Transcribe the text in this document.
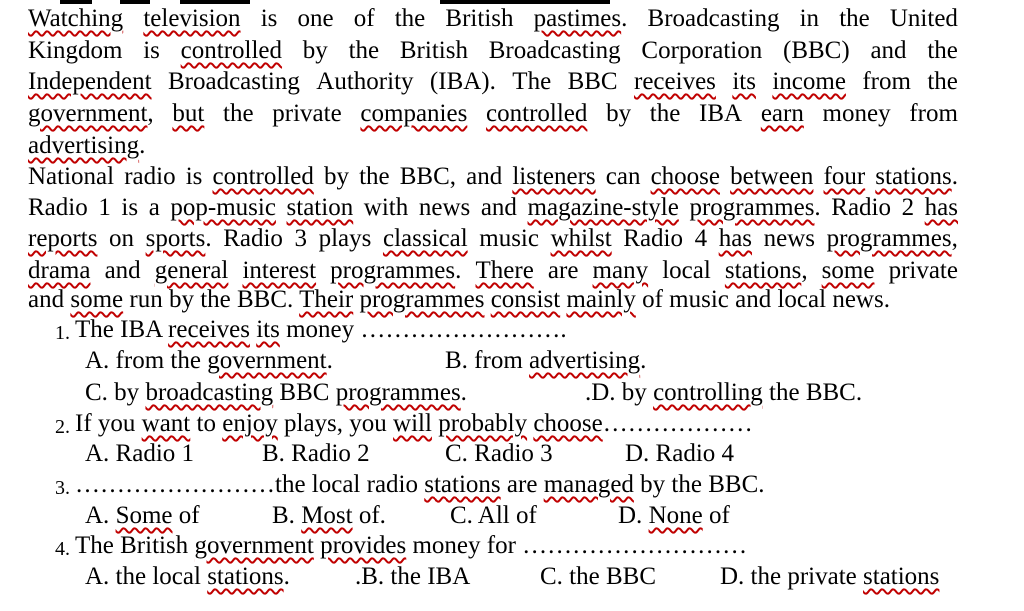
Watching television is one of the British pastimes. Broadcasting in the United
Kingdom is controlled by the British Broadcasting Corporation (BBC) and the
Independent Broadcasting Authority (IBA). The BBC receives its income from the
government, but the private companies controlled by the IBA earn money from
advertising.
National radio is controlled by the BBC, and listeners can choose between four stations.
Radio 1 is a pop-music station with news and magazine-style programmes. Radio 2 has
reports on sports. Radio 3 plays classical music whilst Radio 4 has news programmes,
drama and general interest programmes. There are many local stations, some private
and some run by the BBC. Their programmes consist mainly of music and local news.
1. The IBA receives its money …………………….
A. from the government.	B. from advertising.
C. by broadcasting BBC programmes.	.D. by controlling the BBC.
2. If you want to enjoy plays, you will probably choose………………
A. Radio 1	B. Radio 2	C. Radio 3	D. Radio 4
3. ……………………the local radio stations are managed by the BBC.
A. Some of	B. Most of.	C. All of	D. None of
4. The British government provides money for ………………………
A. the local stations.	.B. the IBA	C. the BBC	D. the private stations
